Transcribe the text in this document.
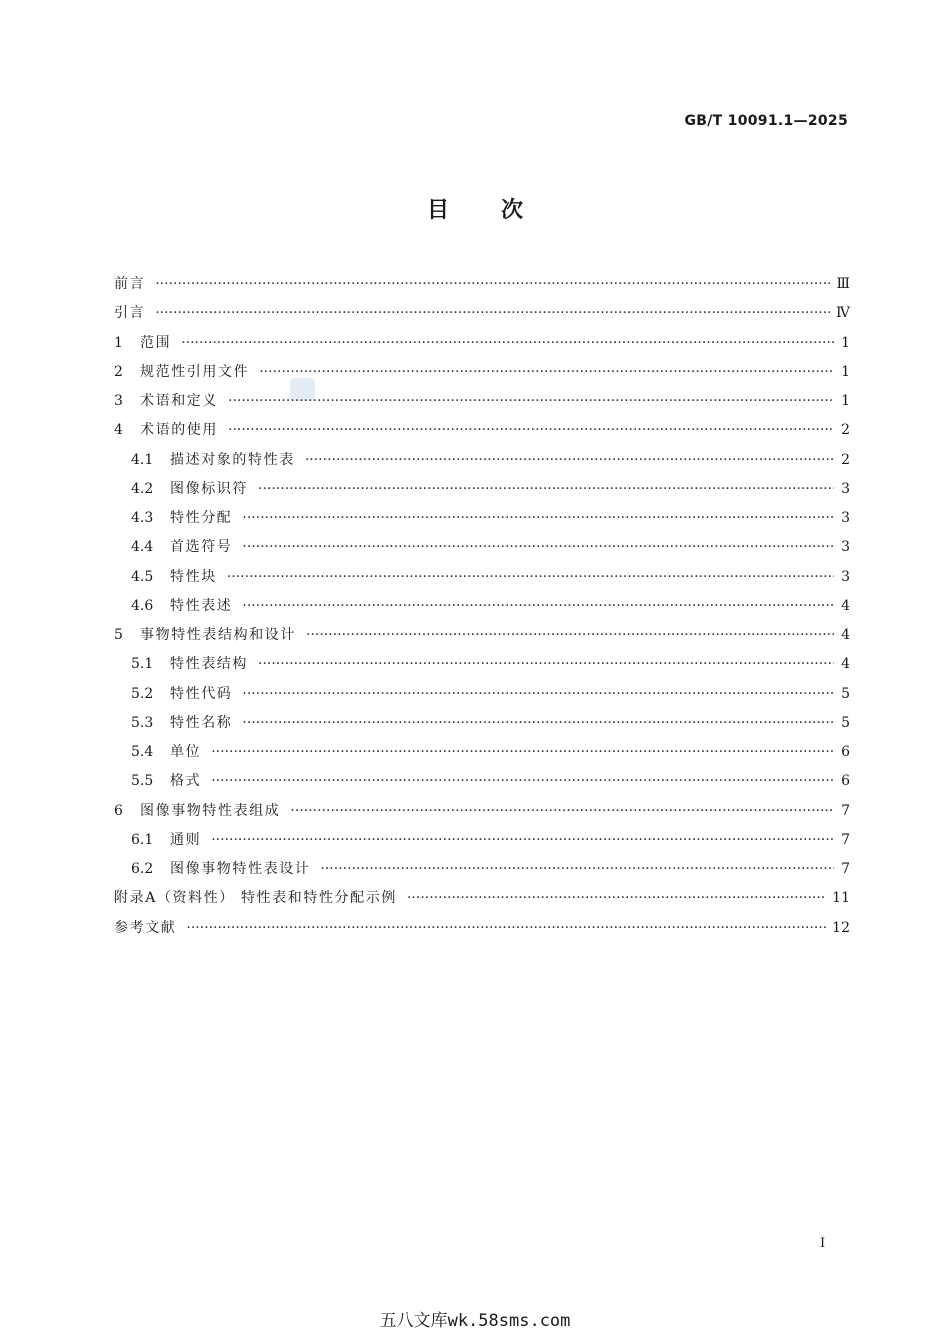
GB/T 10091.1—2025
目 次
前言 ·····	Ⅲ
引言 ·····	Ⅳ
1	范围 ·····	1
2	规范性引用文件 ·····	1
3	术语和定义 ·····	1
4	术语的使用 ·····	2
4.1	描述对象的特性表 ·····	2
4.2	图像标识符 ·····	3
4.3	特性分配 ·····	3
4.4	首选符号 ·····	3
4.5	特性块 ·····	3
4.6	特性表述 ·····	4
5	事物特性表结构和设计 ·····	4
5.1	特性表结构 ·····	4
5.2	特性代码 ·····	5
5.3	特性名称 ·····	5
5.4	单位 ·····	6
5.5	格式 ·····	6
6	图像事物特性表组成 ·····	7
6.1	通则 ·····	7
6.2	图像事物特性表设计 ·····	7
附录A（资料性） 特性表和特性分配示例 ·····	11
参考文献 ·····	12
I
五八文库wk.58sms.com
